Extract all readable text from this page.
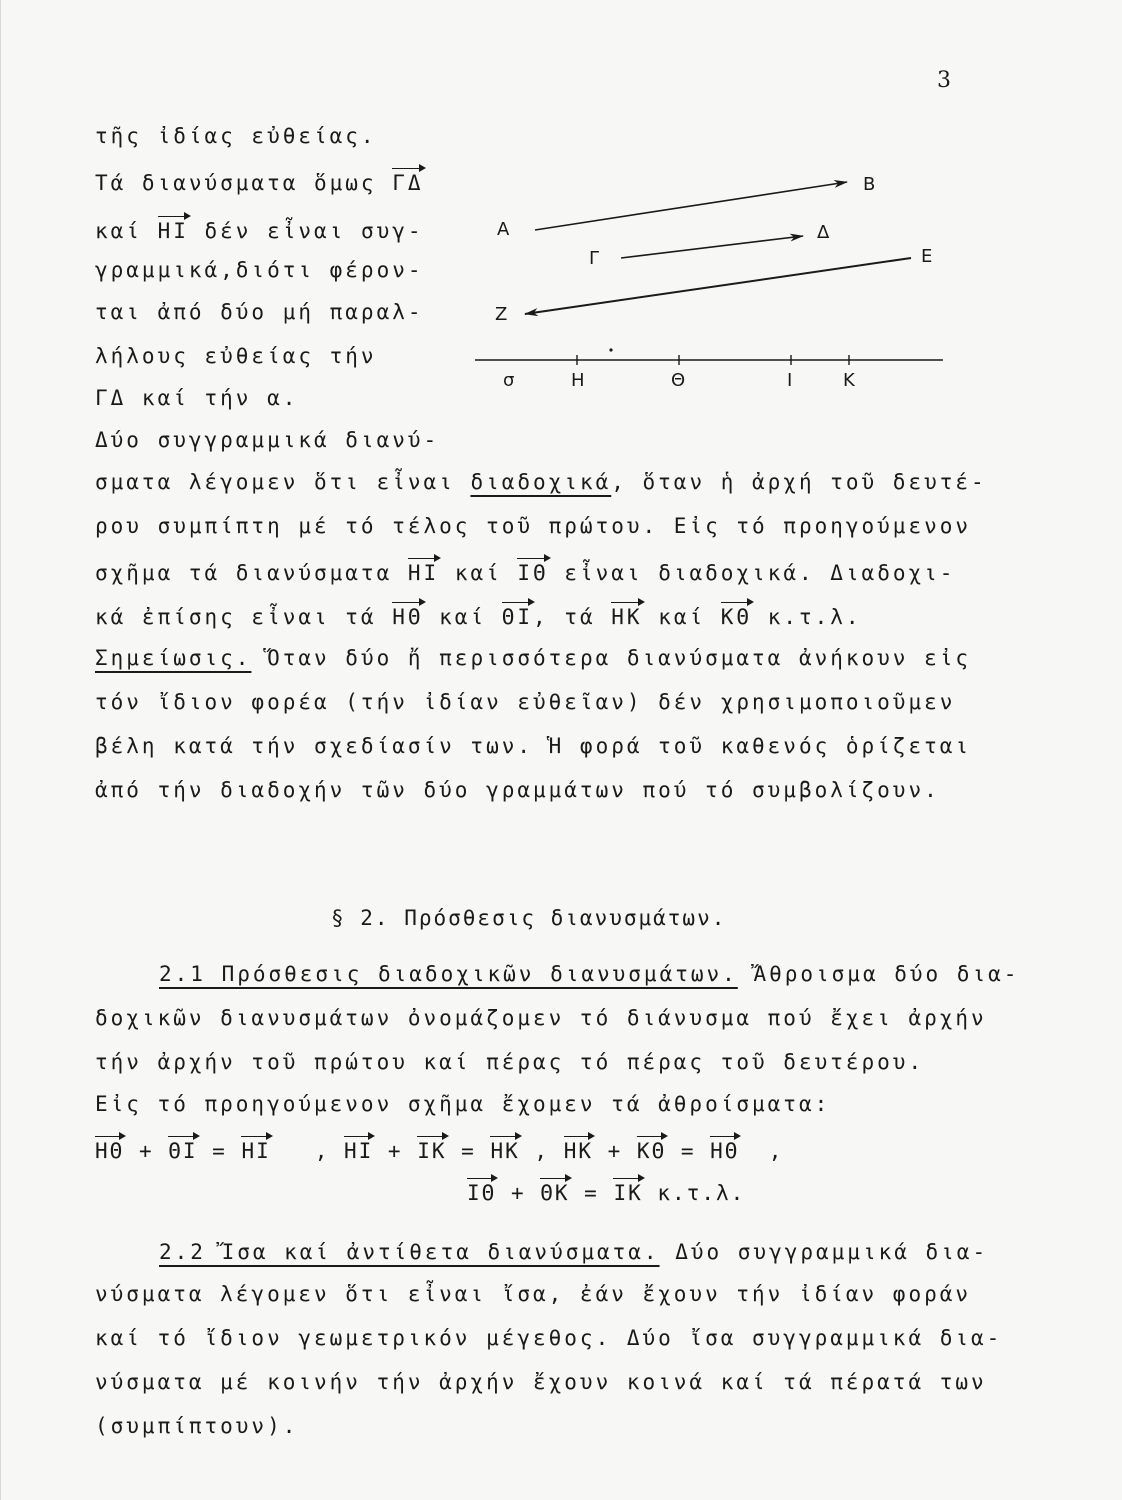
3
τῆς ἰδίας εὐθείας.
Τά διανύσματα ὅμως ΓΔ
καί ΗΙ δέν εἶναι συγ-
γραμμικά,διότι φέρον-
ται ἀπό δύο μή παραλ-
λήλους εὐθείας τήν
ΓΔ καί τήν α.
Δύο συγγραμμικά διανύ-
A
B
Γ
Δ
E
Z
σ	H	Θ	I	K
σματα λέγομεν ὅτι εἶναι διαδοχικά, ὅταν ἡ ἀρχή τοῦ δευτέ-
ρου συμπίπτη μέ τό τέλος τοῦ πρώτου. Εἰς τό προηγούμενον
σχῆμα τά διανύσματα ΗΙ καί ΙΘ εἶναι διαδοχικά. Διαδοχι-
κά ἐπίσης εἶναι τά ΗΘ καί ΘΙ, τά ΗΚ καί ΚΘ κ.τ.λ.
Σημείωσις. Ὅταν δύο ἤ περισσότερα διανύσματα ἀνήκουν εἰς
τόν ἴδιον φορέα (τήν ἰδίαν εὐθεῖαν) δέν χρησιμοποιοῦμεν
βέλη κατά τήν σχεδίασίν των. Ἡ φορά τοῦ καθενός ὁρίζεται
ἀπό τήν διαδοχήν τῶν δύο γραμμάτων πού τό συμβολίζουν.
§ 2. Πρόσθεσις διανυσμάτων.
2.1 Πρόσθεσις διαδοχικῶν διανυσμάτων. Ἄθροισμα δύο δια-
δοχικῶν διανυσμάτων ὀνομάζομεν τό διάνυσμα πού ἔχει ἀρχήν
τήν ἀρχήν τοῦ πρώτου καί πέρας τό πέρας τοῦ δευτέρου.
Εἰς τό προηγούμενον σχῆμα ἔχομεν τά ἀθροίσματα:
ΗΘ + ΘΙ = ΗΙ   , ΗΙ + ΙΚ = ΗΚ , ΗΚ + ΚΘ = ΗΘ  ,
ΙΘ + ΘΚ = ΙΚ κ.τ.λ.
2.2 Ἴσα καί ἀντίθετα διανύσματα. Δύο συγγραμμικά δια-
νύσματα λέγομεν ὅτι εἶναι ἴσα, ἐάν ἔχουν τήν ἰδίαν φοράν
καί τό ἴδιον γεωμετρικόν μέγεθος. Δύο ἴσα συγγραμμικά δια-
νύσματα μέ κοινήν τήν ἀρχήν ἔχουν κοινά καί τά πέρατά των
(συμπίπτουν).
